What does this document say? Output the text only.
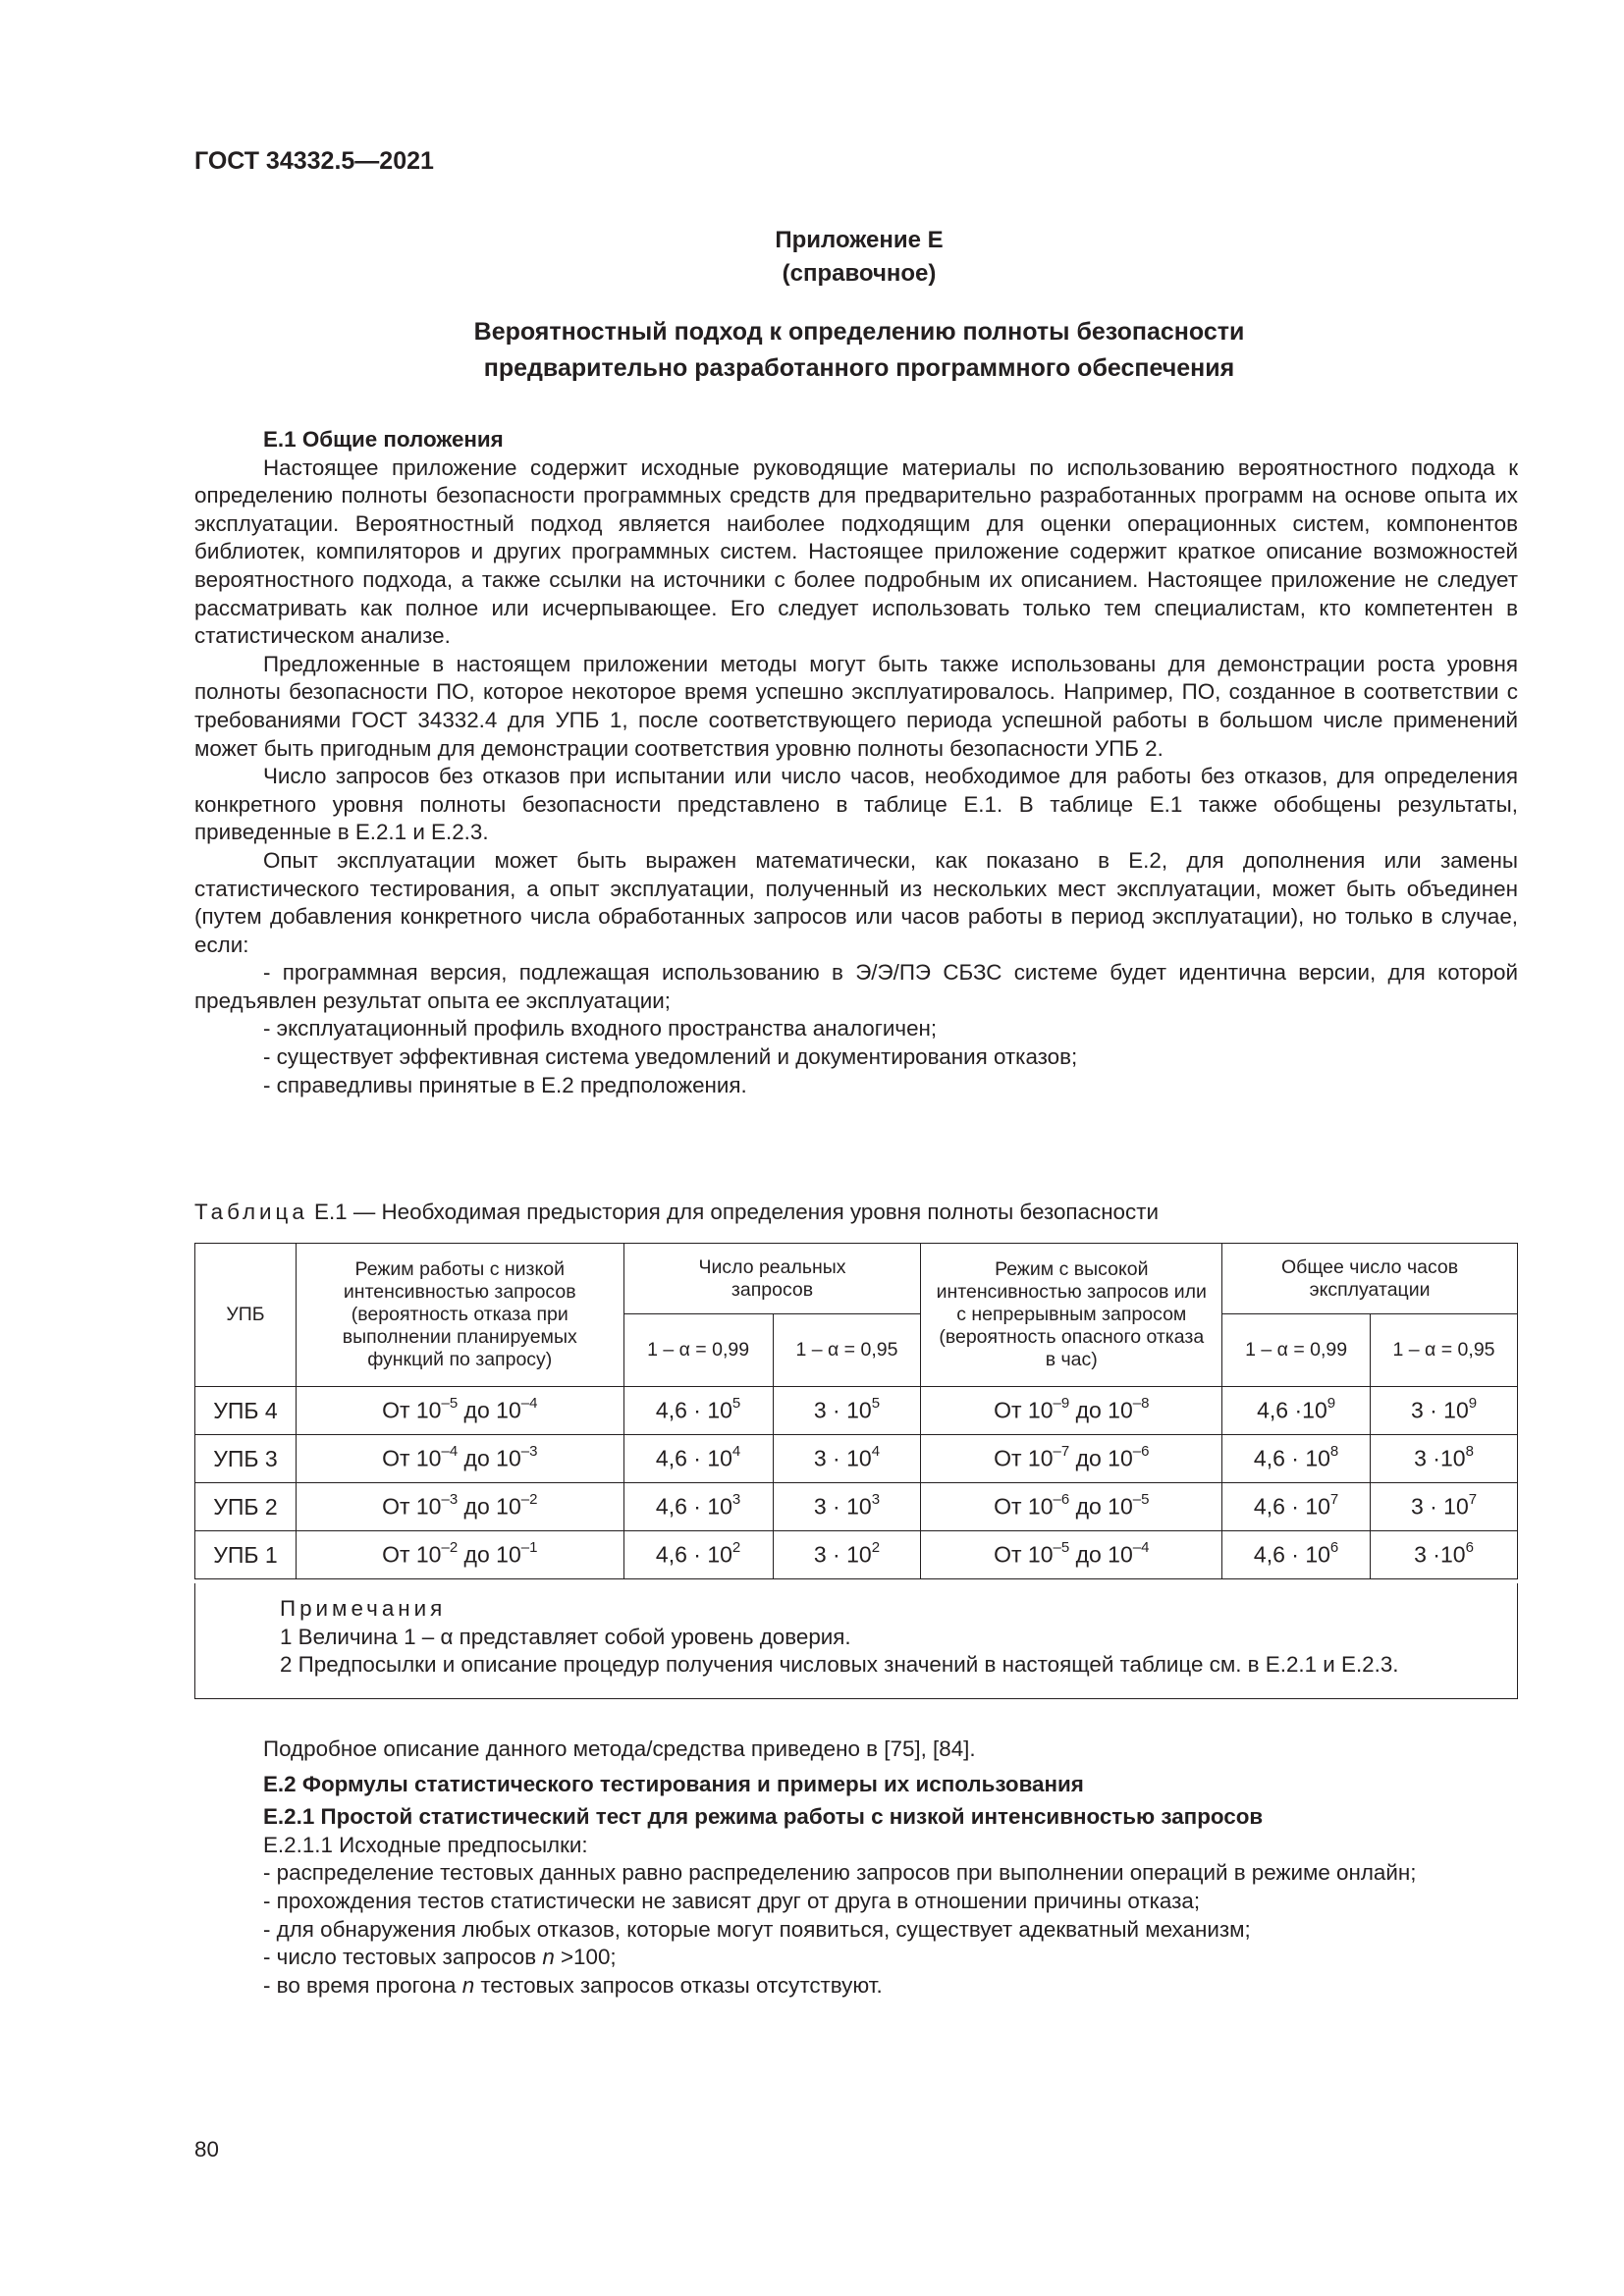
ГОСТ 34332.5—2021
Приложение Е
(справочное)
Вероятностный подход к определению полноты безопасности
предварительно разработанного программного обеспечения

Е.1 Общие положения

Настоящее приложение содержит исходные руководящие материалы по использованию вероятностного подхода к определению полноты безопасности программных средств для предварительно разработанных программ на основе опыта их эксплуатации. Вероятностный подход является наиболее подходящим для оценки операционных систем, компонентов библиотек, компиляторов и других программных систем. Настоящее приложение содержит краткое описание возможностей вероятностного подхода, а также ссылки на источники с более подробным их описанием. Настоящее приложение не следует рассматривать как полное или исчерпывающее. Его следует использовать только тем специалистам, кто компетентен в статистическом анализе.

Предложенные в настоящем приложении методы могут быть также использованы для демонстрации роста уровня полноты безопасности ПО, которое некоторое время успешно эксплуатировалось. Например, ПО, созданное в соответствии с требованиями ГОСТ 34332.4 для УПБ 1, после соответствующего периода успешной работы в большом числе применений может быть пригодным для демонстрации соответствия уровню полноты безопасности УПБ 2.

Число запросов без отказов при испытании или число часов, необходимое для работы без отказов, для определения конкретного уровня полноты безопасности представлено в таблице Е.1. В таблице Е.1 также обобщены результаты, приведенные в Е.2.1 и Е.2.3.

Опыт эксплуатации может быть выражен математически, как показано в Е.2, для дополнения или замены статистического тестирования, а опыт эксплуатации, полученный из нескольких мест эксплуатации, может быть объединен (путем добавления конкретного числа обработанных запросов или часов работы в период эксплуатации), но только в случае, если:

- программная версия, подлежащая использованию в Э/Э/ПЭ СБЗС системе будет идентична версии, для которой предъявлен результат опыта ее эксплуатации;

- эксплуатационный профиль входного пространства аналогичен;

- существует эффективная система уведомлений и документирования отказов;

- справедливы принятые в Е.2 предположения.

Таблица Е.1 — Необходимая предыстория для определения уровня полноты безопасности
УПБ	Режим работы с низкой интенсивностью запросов (вероятность отказа при выполнении планируемых функций по запросу)	Число реальных запросов		Режим с высокой интенсивностью запросов или с непрерывным запросом (вероятность опасного отказа в час)	Общее число часов эксплуатации	
		1 – α = 0,99	1 – α = 0,95		1 – α = 0,99	1 – α = 0,95
УПБ 4	От $10^{-5}$ до $10^{-4}$	$4,6 \cdot 10^5$	$3 \cdot 10^5$	От $10^{-9}$ до $10^{-8}$	$4,6 \cdot 10^9$	$3 \cdot 10^9$
УПБ 3	От $10^{-4}$ до $10^{-3}$	$4,6 \cdot 10^4$	$3 \cdot 10^4$	От $10^{-7}$ до $10^{-6}$	$4,6 \cdot 10^8$	$3 \cdot 10^8$
УПБ 2	От $10^{-3}$ до $10^{-2}$	$4,6 \cdot 10^3$	$3 \cdot 10^3$	От $10^{-6}$ до $10^{-5}$	$4,6 \cdot 10^7$	$3 \cdot 10^7$
УПБ 1	От $10^{-2}$ до $10^{-1}$	$4,6 \cdot 10^2$	$3 \cdot 10^2$	От $10^{-5}$ до $10^{-4}$	$4,6 \cdot 10^6$	$3 \cdot 10^6$
Примечания

1 Величина 1 – α представляет собой уровень доверия.

2 Предпосылки и описание процедур получения числовых значений в настоящей таблице см. в Е.2.1 и Е.2.3.

Подробное описание данного метода/средства приведено в [75], [84].

Е.2 Формулы статистического тестирования и примеры их использования

Е.2.1 Простой статистический тест для режима работы с низкой интенсивностью запросов

Е.2.1.1 Исходные предпосылки:

- распределение тестовых данных равно распределению запросов при выполнении операций в режиме онлайн;

- прохождения тестов статистически не зависят друг от друга в отношении причины отказа;

- для обнаружения любых отказов, которые могут появиться, существует адекватный механизм;

- число тестовых запросов n >100;

- во время прогона n тестовых запросов отказы отсутствуют.

80
